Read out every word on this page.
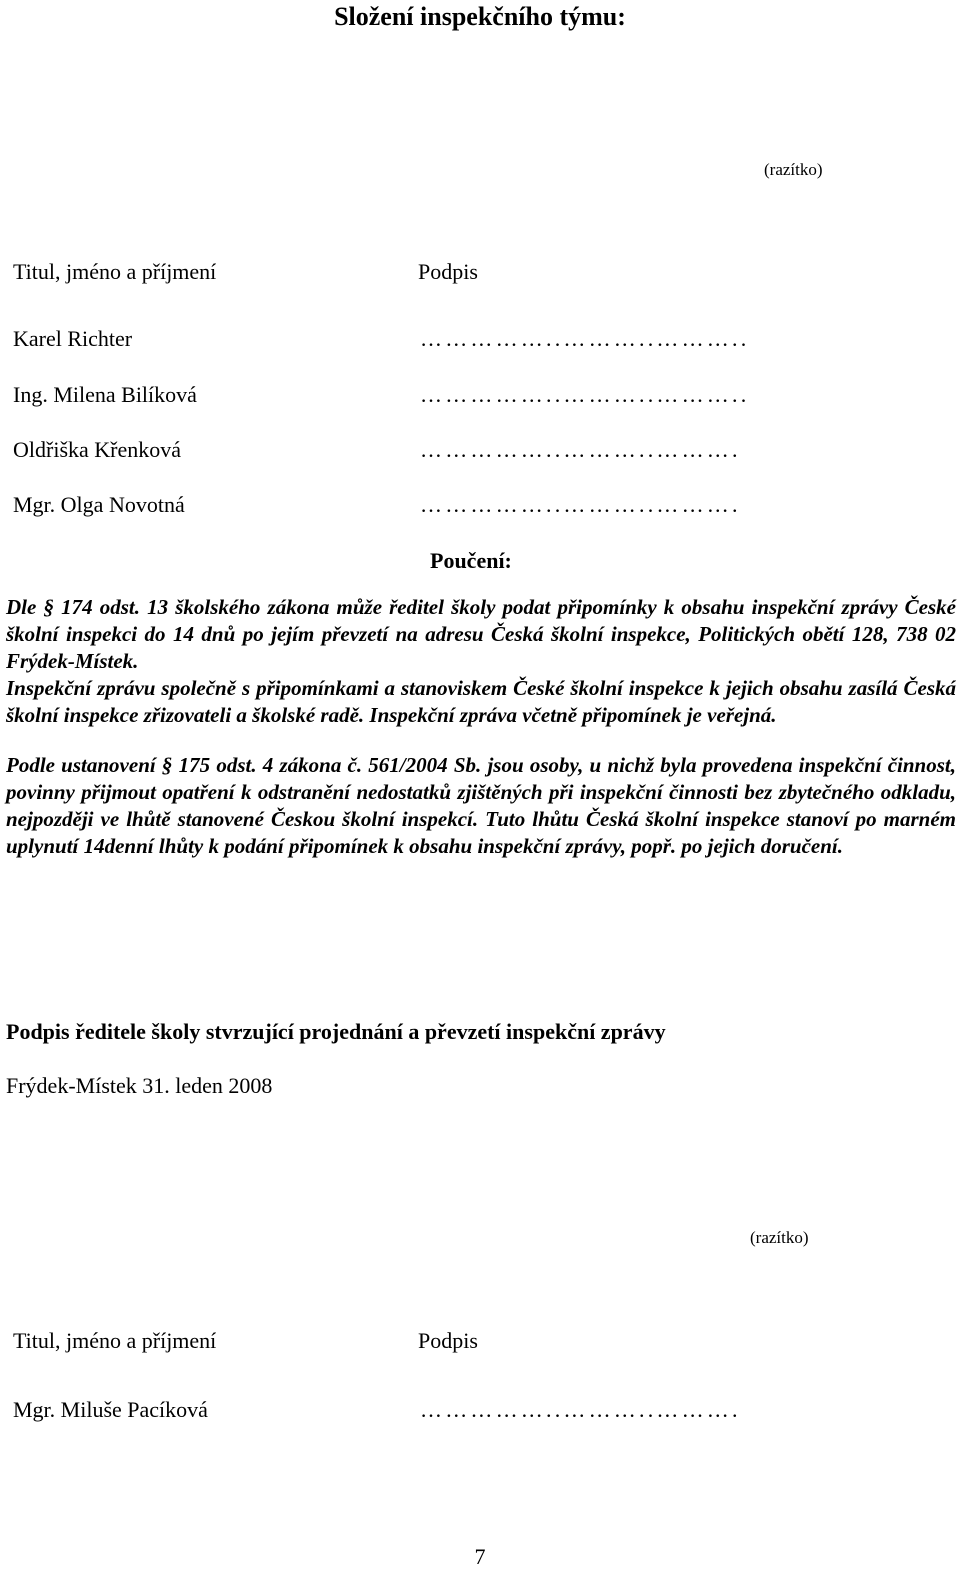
Složení inspekčního týmu:
(razítko)
Titul, jméno a příjmení	Podpis
Karel Richter	……………..………..………..
Ing. Milena Bilíková	……………..………..………..
Oldřiška Křenková	……………..………..……….
Mgr. Olga Novotná	……………..………..……….
Poučení:

Dle § 174 odst. 13 školského zákona může ředitel školy podat připomínky k obsahu inspekční zprávy České školní inspekci do 14 dnů po jejím převzetí na adresu Česká školní inspekce, Politických obětí 128, 738 02 Frýdek-Místek.

Inspekční zprávu společně s připomínkami a stanoviskem České školní inspekce k jejich obsahu zasílá Česká školní inspekce zřizovateli a školské radě. Inspekční zpráva včetně připomínek je veřejná.

Podle ustanovení § 175 odst. 4 zákona č. 561/2004 Sb. jsou osoby, u nichž byla provedena inspekční činnost, povinny přijmout opatření k odstranění nedostatků zjištěných při inspekční činnosti bez zbytečného odkladu, nejpozději ve lhůtě stanovené Českou školní inspekcí. Tuto lhůtu Česká školní inspekce stanoví po marném uplynutí 14denní lhůty k podání připomínek k obsahu inspekční zprávy, popř. po jejich doručení.

Podpis ředitele školy stvrzující projednání a převzetí inspekční zprávy
Frýdek-Místek 31. leden 2008
(razítko)
Titul, jméno a příjmení	Podpis
Mgr. Miluše Pacíková	……………..………..……….
7
